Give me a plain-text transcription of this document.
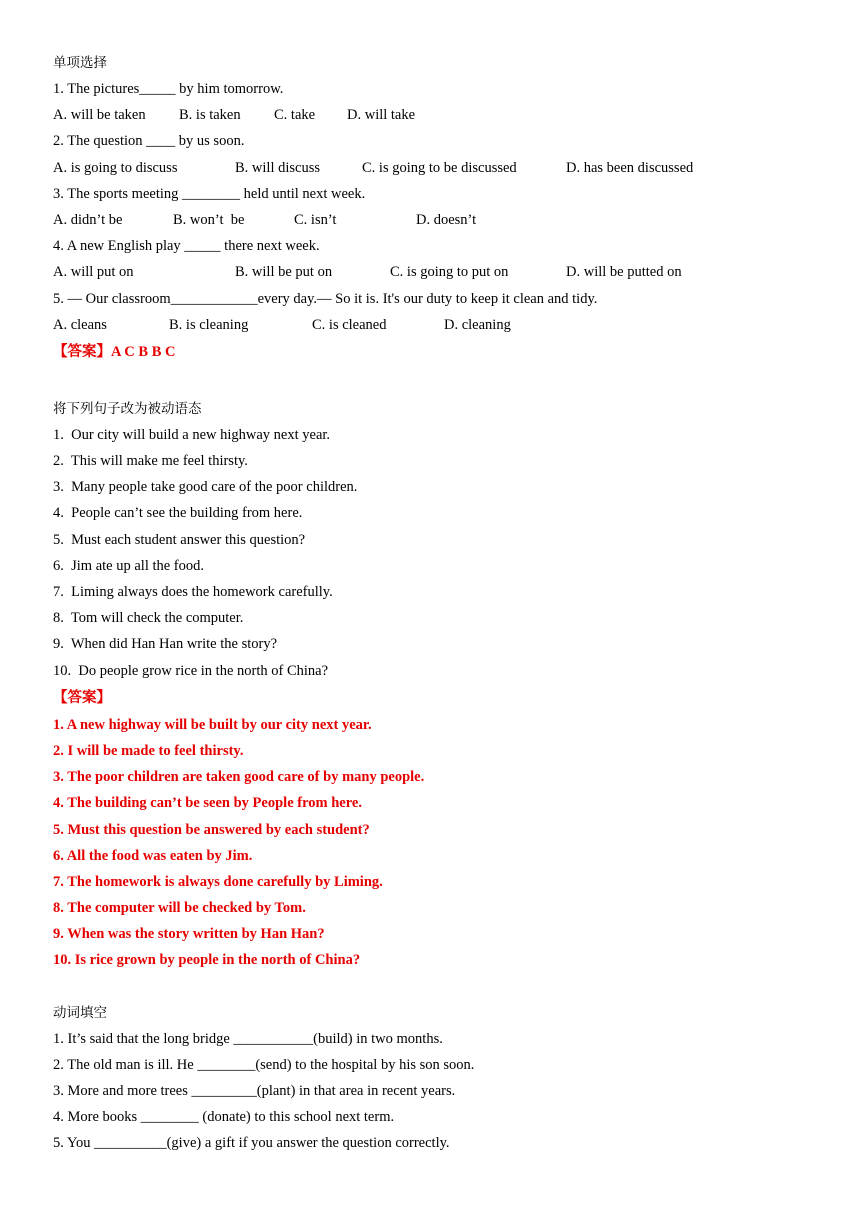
单项选择
1. The pictures_____ by him tomorrow.
A. will be taken B. is taken C. take D. will take
2. The question ____ by us soon.
A. is going to discuss	B. will discuss	C. is going to be discussed	D. has been discussed
3. The sports meeting ________ held until next week.
A. didn’t be	B. won’t  be	C. isn’t	D. doesn’t
4. A new English play _____ there next week.
A. will put on	B. will be put on	C. is going to put on	D. will be putted on
5. — Our classroom____________every day.— So it is. It's our duty to keep it clean and tidy.
A. cleans	B. is cleaning	C. is cleaned	D. cleaning
【答案】A C B B C
将下列句子改为被动语态
1.  Our city will build a new highway next year.
2.  This will make me feel thirsty.
3.  Many people take good care of the poor children.
4.  People can’t see the building from here.
5.  Must each student answer this question?
6.  Jim ate up all the food.
7.  Liming always does the homework carefully.
8.  Tom will check the computer.
9.  When did Han Han write the story?
10.  Do people grow rice in the north of China?
【答案】
1. A new highway will be built by our city next year.
2. I will be made to feel thirsty.
3. The poor children are taken good care of by many people.
4. The building can’t be seen by People from here.
5. Must this question be answered by each student?
6. All the food was eaten by Jim.
7. The homework is always done carefully by Liming.
8. The computer will be checked by Tom.
9. When was the story written by Han Han?
10. Is rice grown by people in the north of China?
动词填空
1. It’s said that the long bridge ___________(build) in two months.
2. The old man is ill. He ________(send) to the hospital by his son soon.
3. More and more trees _________(plant) in that area in recent years.
4. More books ________ (donate) to this school next term.
5. You __________(give) a gift if you answer the question correctly.
